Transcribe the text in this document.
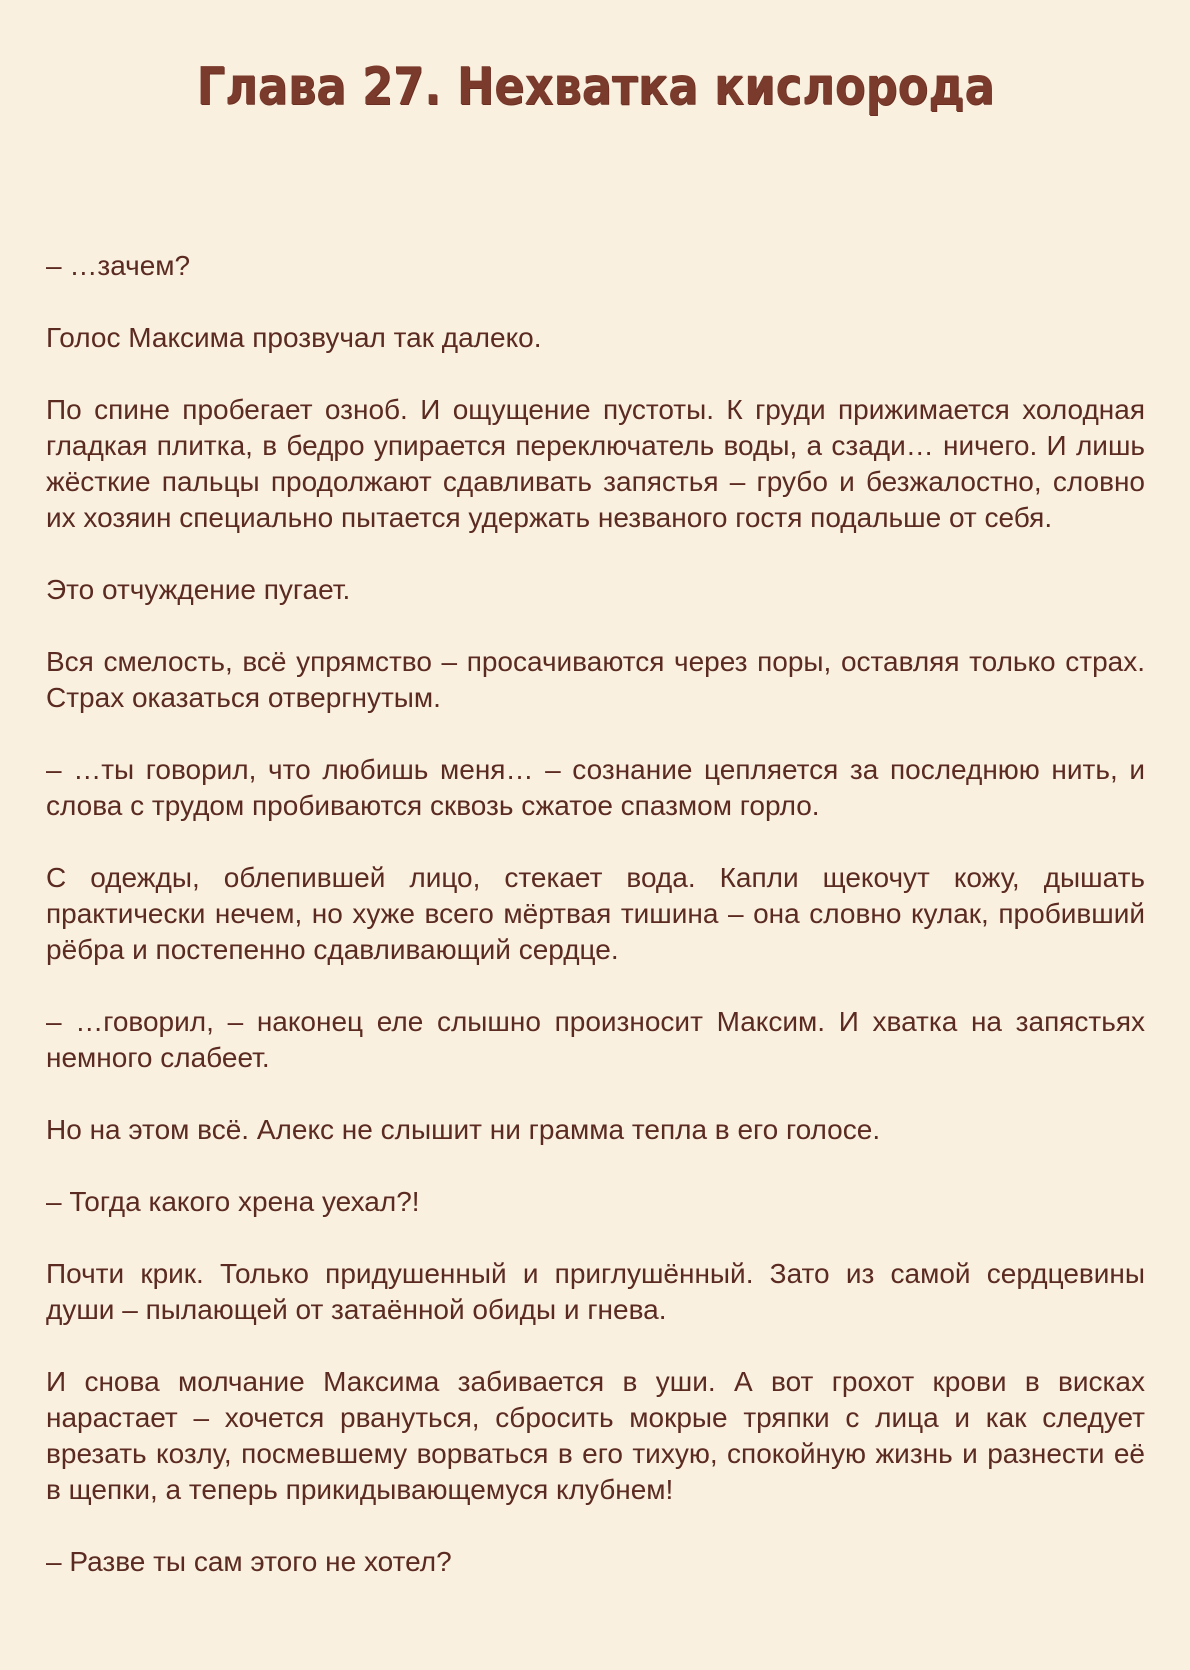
Глава 27. Нехватка кислорода

– …зачем?

Голос Максима прозвучал так далеко.

По спине пробегает озноб. И ощущение пустоты. К груди прижимается холодная гладкая плитка, в бедро упирается переключатель воды, а сзади… ничего. И лишь жёсткие пальцы продолжают сдавливать запястья – грубо и безжалостно, словно их хозяин специально пытается удержать незваного гостя подальше от себя.

Это отчуждение пугает.

Вся смелость, всё упрямство – просачиваются через поры, оставляя только страх. Страх оказаться отвергнутым.

– …ты говорил, что любишь меня… – сознание цепляется за последнюю нить, и слова с трудом пробиваются сквозь сжатое спазмом горло.

С одежды, облепившей лицо, стекает вода. Капли щекочут кожу, дышать практически нечем, но хуже всего мёртвая тишина – она словно кулак, пробивший рёбра и постепенно сдавливающий сердце.

– …говорил, – наконец еле слышно произносит Максим. И хватка на запястьях немного слабеет.

Но на этом всё. Алекс не слышит ни грамма тепла в его голосе.

– Тогда какого хрена уехал?!

Почти крик. Только придушенный и приглушённый. Зато из самой сердцевины души – пылающей от затаённой обиды и гнева.

И снова молчание Максима забивается в уши. А вот грохот крови в висках нарастает – хочется рвануться, сбросить мокрые тряпки с лица и как следует врезать козлу, посмевшему ворваться в его тихую, спокойную жизнь и разнести её в щепки, а теперь прикидывающемуся клубнем!

– Разве ты сам этого не хотел?
